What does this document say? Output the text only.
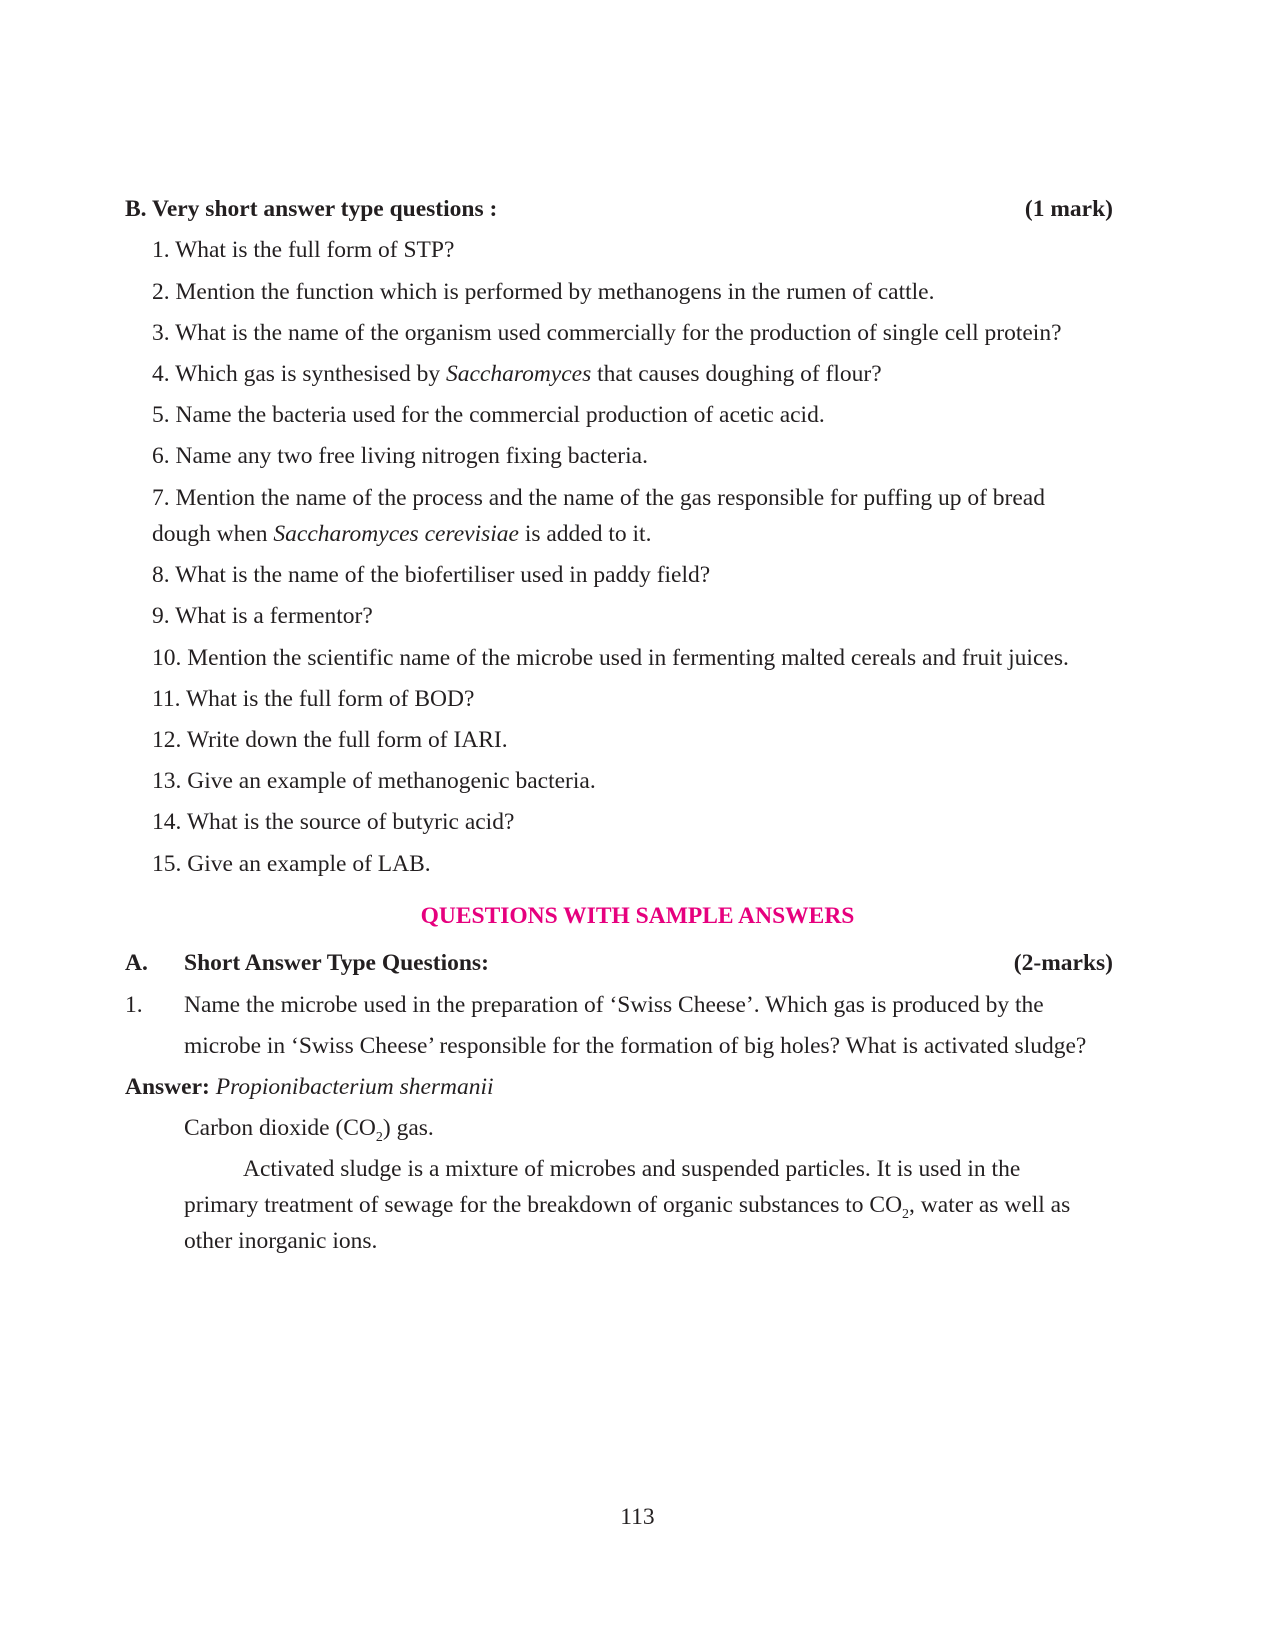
B. Very short answer type questions :	(1 mark)
1. What is the full form of STP?
2. Mention the function which is performed by methanogens in the rumen of cattle.
3. What is the name of the organism used commercially for the production of single cell protein?
4. Which gas is synthesised by Saccharomyces that causes doughing of flour?
5. Name the bacteria used for the commercial production of acetic acid.
6. Name any two free living nitrogen fixing bacteria.
7. Mention the name of the process and the name of the gas responsible for puffing up of bread
dough when Saccharomyces cerevisiae is added to it.
8. What is the name of the biofertiliser used in paddy field?
9. What is a fermentor?
10. Mention the scientific name of the microbe used in fermenting malted cereals and fruit juices.
11. What is the full form of BOD?
12. Write down the full form of IARI.
13. Give an example of methanogenic bacteria.
14. What is the source of butyric acid?
15. Give an example of LAB.
QUESTIONS WITH SAMPLE ANSWERS
A. Short Answer Type Questions:	(2-marks)
1. Name the microbe used in the preparation of ‘Swiss Cheese’. Which gas is produced by the
microbe in ‘Swiss Cheese’ responsible for the formation of big holes? What is activated sludge?
Answer: Propionibacterium shermanii
Carbon dioxide $(CO_2)$ gas.
Activated sludge is a mixture of microbes and suspended particles. It is used in the
primary treatment of sewage for the breakdown of organic substances to $CO_2$, water as well as
other inorganic ions.
113
